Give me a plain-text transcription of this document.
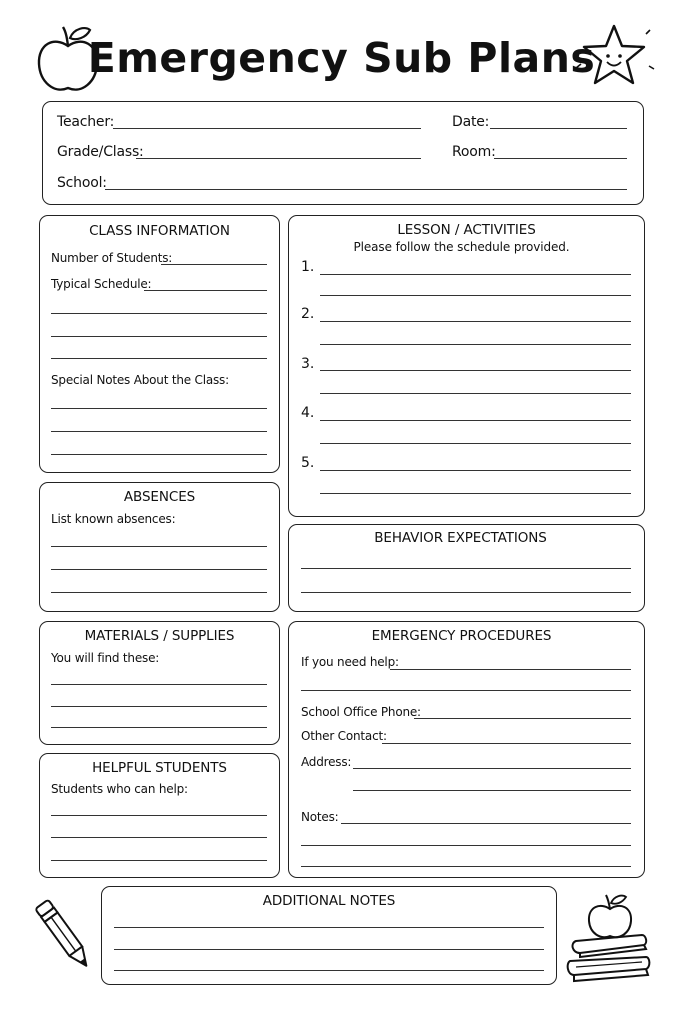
Emergency Sub Plans
Teacher:	Date:
Grade/Class:	Room:
School:
CLASS INFORMATION
Number of Students:
Typical Schedule:
Special Notes About the Class:
LESSON / ACTIVITIES
Please follow the schedule provided.
1.
2.
3.
4.
5.
ABSENCES
List known absences:
BEHAVIOR EXPECTATIONS
MATERIALS / SUPPLIES
You will find these:
EMERGENCY PROCEDURES
If you need help:
School Office Phone:
Other Contact:
Address:
Notes:
HELPFUL STUDENTS
Students who can help:
ADDITIONAL NOTES
